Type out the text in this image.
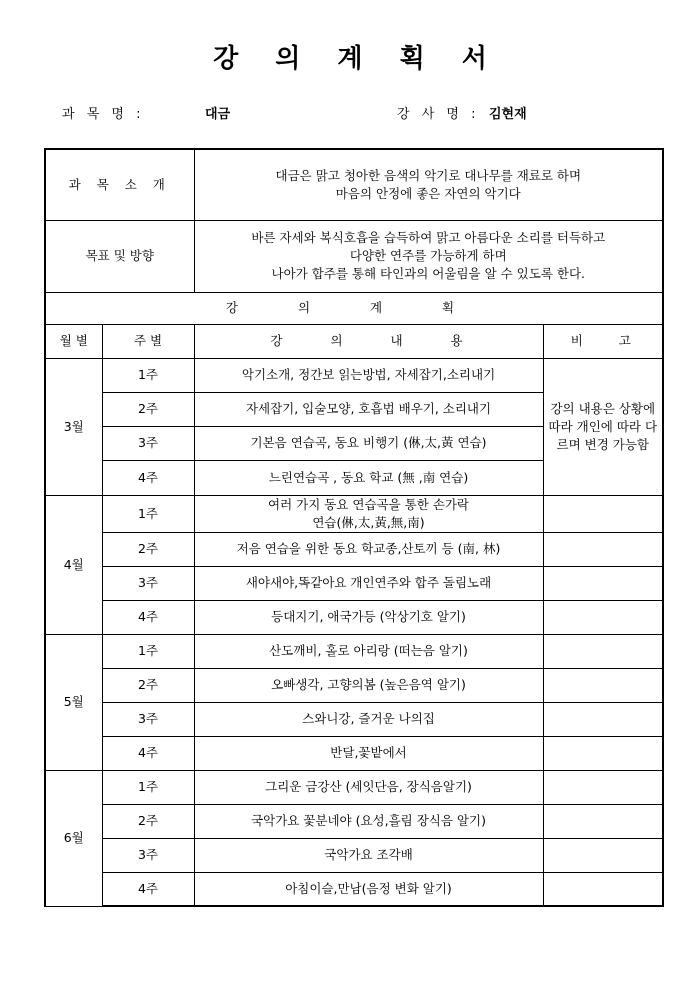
강 의 계 획 서
과 목 명 :	대금	강 사 명 : 김현재
과 목 소 개		대금은 맑고 청아한 음색의 악기로 대나무를 재료로 하며
마음의 안정에 좋은 자연의 악기다	

목표 및 방향		바른 자세와 복식호흡을 습득하여 맑고 아름다운 소리를 터득하고
다양한 연주를 가능하게 하며
나아가 합주를 통해 타인과의 어울림을 알 수 있도록 한다.	

강 의 계 획			
월 별	주 별	강 의 내 용	비 고
3월	1주	악기소개, 정간보 읽는방법, 자세잡기,소리내기	강의 내용은 상황에 따라 개인에 따라 다르며 변경 가능함
	2주	자세잡기, 입술모양, 호흡법 배우기, 소리내기	
	3주	기본음 연습곡, 동요 비행기 (㑣,太,黃 연습)	
	4주	느린연습곡 , 동요 학교 (無 ,南 연습)	
4월	1주	여러 가지 동요 연습곡을 통한 손가락
연습(㑣,太,黃,無,南)	

	2주	저음 연습을 위한 동요 학교종,산토끼 등 (南, 林)	
	3주	새야새야,똑같아요 개인연주와 합주 돌림노래	
	4주	등대지기, 애국가등 (악상기호 알기)	
5월	1주	산도깨비, 홀로 아리랑 (떠는음 알기)	
	2주	오빠생각, 고향의봄 (높은음역 알기)	
	3주	스와니강, 즐거운 나의집	
	4주	반달,꽃밭에서	
6월	1주	그리운 금강산 (세잇단음, 장식음알기)	
	2주	국악가요 꽃분네야 (요성,흘림 장식음 알기)	
	3주	국악가요 조각배	
	4주	아침이슬,만남(음정 변화 알기)	
